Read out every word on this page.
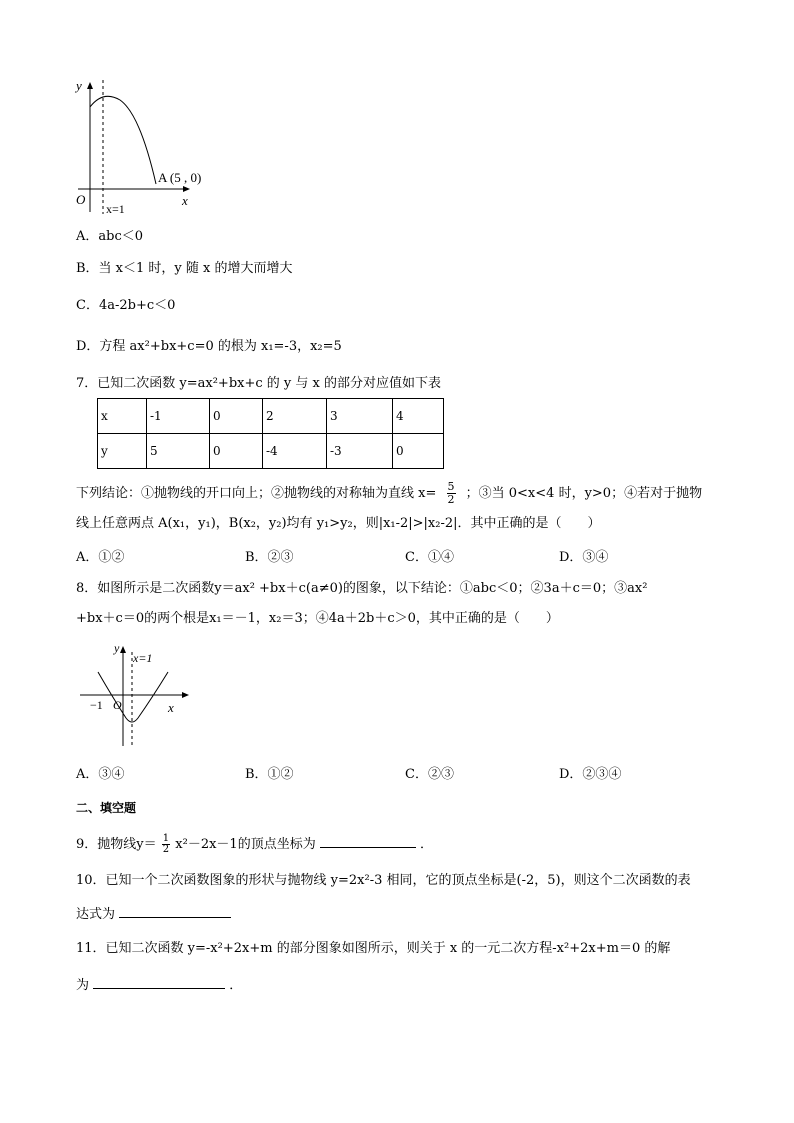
y
x
O
A (5 , 0)
x=1
A．abc＜0
B．当 x＜1 时，y 随 x 的增大而增大
C．4a-2b+c＜0
D．方程 ax²+bx+c=0 的根为 x₁=-3，x₂=5
7．已知二次函数 y=ax²+bx+c 的 y 与 x 的部分对应值如下表
x	-1	0	2	3	4
y	5	0	-4	-3	0
下列结论：①抛物线的开口向上；②抛物线的对称轴为直线 $x= \frac{5}{2}$ ；③当 0<x<4 时，y>0；④若对于抛物
线上任意两点 A(x₁，y₁)，B(x₂，y₂)均有 y₁>y₂，则|x₁-2|>|x₂-2|．其中正确的是（　　）
A．①②	B．②③	C．①④	D．③④
8．如图所示是二次函数y＝ax² +bx＋c(a≠0)的图象，以下结论：①abc＜0；②3a＋c＝0；③ax²
+bx＋c＝0的两个根是x₁＝－1，x₂＝3；④4a＋2b＋c＞0，其中正确的是（　　）
y
x=1
x
−1 O
A．③④	B．①②	C．②③	D．②③④
二、填空题
9．抛物线$y= \frac{1}{2} x^2-2x-1$的顶点坐标为	．
10．已知一个二次函数图象的形状与抛物线 y=2x²-3 相同，它的顶点坐标是(-2，5)，则这个二次函数的表
达式为
11．已知二次函数 y=-x²+2x+m 的部分图象如图所示，则关于 x 的一元二次方程-x²+2x+m＝0 的解
为	．
